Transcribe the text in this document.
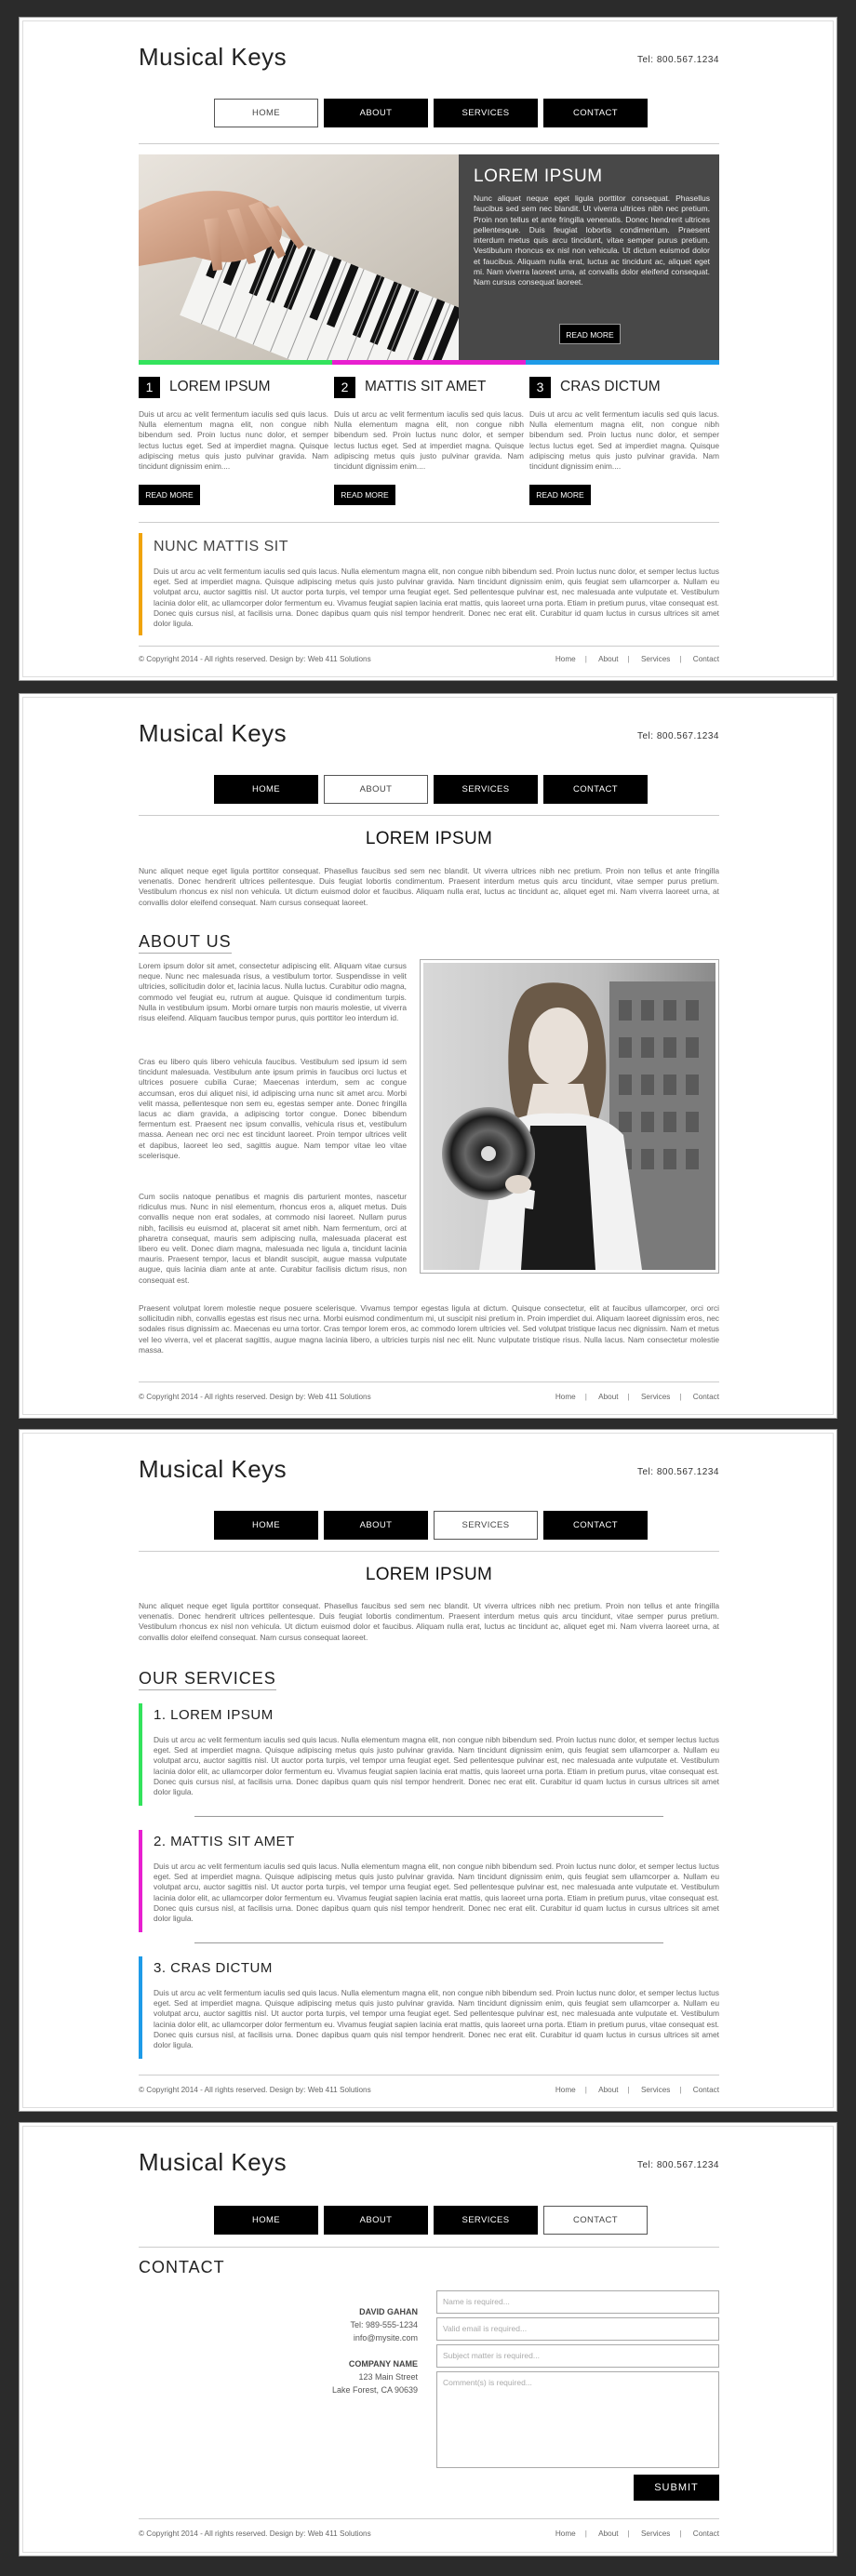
Musical Keys	Tel: 800.567.1234
HOME	ABOUT	SERVICES	CONTACT
LOREM IPSUM
Nunc aliquet neque eget ligula porttitor consequat. Phasellus faucibus sed sem nec blandit. Ut viverra ultrices nibh nec pretium. Proin non tellus et ante fringilla venenatis. Donec hendrerit ultrices pellentesque. Duis feugiat lobortis condimentum. Praesent interdum metus quis arcu tincidunt, vitae semper purus pretium. Vestibulum rhoncus ex nisl non vehicula. Ut dictum euismod dolor et faucibus. Aliquam nulla erat, luctus ac tincidunt ac, aliquet eget mi. Nam viverra laoreet urna, at convallis dolor eleifend consequat. Nam cursus consequat laoreet.
READ MORE
1	LOREM IPSUM
Duis ut arcu ac velit fermentum iaculis sed quis lacus. Nulla elementum magna elit, non congue nibh bibendum sed. Proin luctus nunc dolor, et semper lectus luctus eget. Sed at imperdiet magna. Quisque adipiscing metus quis justo pulvinar gravida. Nam tincidunt dignissim enim....
READ MORE
2	MATTIS SIT AMET
Duis ut arcu ac velit fermentum iaculis sed quis lacus. Nulla elementum magna elit, non congue nibh bibendum sed. Proin luctus nunc dolor, et semper lectus luctus eget. Sed at imperdiet magna. Quisque adipiscing metus quis justo pulvinar gravida. Nam tincidunt dignissim enim....
READ MORE
3	CRAS DICTUM
Duis ut arcu ac velit fermentum iaculis sed quis lacus. Nulla elementum magna elit, non congue nibh bibendum sed. Proin luctus nunc dolor, et semper lectus luctus eget. Sed at imperdiet magna. Quisque adipiscing metus quis justo pulvinar gravida. Nam tincidunt dignissim enim....
READ MORE
NUNC MATTIS SIT
Duis ut arcu ac velit fermentum iaculis sed quis lacus. Nulla elementum magna elit, non congue nibh bibendum sed. Proin luctus nunc dolor, et semper lectus luctus eget. Sed at imperdiet magna. Quisque adipiscing metus quis justo pulvinar gravida. Nam tincidunt dignissim enim, quis feugiat sem ullamcorper a. Nullam eu volutpat arcu, auctor sagittis nisl. Ut auctor porta turpis, vel tempor urna feugiat eget. Sed pellentesque pulvinar est, nec malesuada ante vulputate et. Vestibulum lacinia dolor elit, ac ullamcorper dolor fermentum eu. Vivamus feugiat sapien lacinia erat mattis, quis laoreet urna porta. Etiam in pretium purus, vitae consequat est. Donec quis cursus nisl, at facilisis urna. Donec dapibus quam quis nisl tempor hendrerit. Donec nec erat elit. Curabitur id quam luctus in cursus ultrices sit amet dolor ligula.
© Copyright 2014 - All rights reserved. Design by: Web 411 Solutions	Home | About | Services | Contact
Musical Keys	Tel: 800.567.1234
HOME	ABOUT	SERVICES	CONTACT
LOREM IPSUM
Nunc aliquet neque eget ligula porttitor consequat. Phasellus faucibus sed sem nec blandit. Ut viverra ultrices nibh nec pretium. Proin non tellus et ante fringilla venenatis. Donec hendrerit ultrices pellentesque. Duis feugiat lobortis condimentum. Praesent interdum metus quis arcu tincidunt, vitae semper purus pretium. Vestibulum rhoncus ex nisl non vehicula. Ut dictum euismod dolor et faucibus. Aliquam nulla erat, luctus ac tincidunt ac, aliquet eget mi. Nam viverra laoreet urna, at convallis dolor eleifend consequat. Nam cursus consequat laoreet.
ABOUT US
Lorem ipsum dolor sit amet, consectetur adipiscing elit. Aliquam vitae cursus neque. Nunc nec malesuada risus, a vestibulum tortor. Suspendisse in velit ultricies, sollicitudin dolor et, lacinia lacus. Nulla luctus. Curabitur odio magna, commodo vel feugiat eu, rutrum at augue. Quisque id condimentum turpis. Nulla in vestibulum ipsum. Morbi ornare turpis non mauris molestie, ut viverra risus eleifend. Aliquam faucibus tempor purus, quis porttitor leo interdum id.
Cras eu libero quis libero vehicula faucibus. Vestibulum sed ipsum id sem tincidunt malesuada. Vestibulum ante ipsum primis in faucibus orci luctus et ultrices posuere cubilia Curae; Maecenas interdum, sem ac congue accumsan, eros dui aliquet nisi, id adipiscing urna nunc sit amet arcu. Morbi velit massa, pellentesque non sem eu, egestas semper ante. Donec fringilla lacus ac diam gravida, a adipiscing tortor congue. Donec bibendum fermentum est. Praesent nec ipsum convallis, vehicula risus et, vestibulum massa. Aenean nec orci nec est tincidunt laoreet. Proin tempor ultrices velit et dapibus, laoreet leo sed, sagittis augue. Nam tempor vitae leo vitae scelerisque.
Cum sociis natoque penatibus et magnis dis parturient montes, nascetur ridiculus mus. Nunc in nisl elementum, rhoncus eros a, aliquet metus. Duis convallis neque non erat sodales, at commodo nisi laoreet. Nullam purus nibh, facilisis eu euismod at, placerat sit amet nibh. Nam fermentum, orci at pharetra consequat, mauris sem adipiscing nulla, malesuada placerat est libero eu velit. Donec diam magna, malesuada nec ligula a, tincidunt lacinia mauris. Praesent tempor, lacus et blandit suscipit, augue massa vulputate augue, quis lacinia diam ante at ante. Curabitur facilisis dictum risus, non consequat est.
Praesent volutpat lorem molestie neque posuere scelerisque. Vivamus tempor egestas ligula at dictum. Quisque consectetur, elit at faucibus ullamcorper, orci orci sollicitudin nibh, convallis egestas est risus nec urna. Morbi euismod condimentum mi, ut suscipit nisi pretium in. Proin imperdiet dui. Aliquam laoreet dignissim eros, nec sodales risus dignissim ac. Maecenas eu urna tortor. Cras tempor lorem eros, ac commodo lorem ultricies vel. Sed volutpat tristique lacus nec dignissim. Nam et metus vel leo viverra, vel et placerat sagittis, augue magna lacinia libero, a ultricies turpis nisl nec elit. Nunc vulputate tristique risus. Nulla lacus. Nam consectetur molestie massa.
© Copyright 2014 - All rights reserved. Design by: Web 411 Solutions	Home | About | Services | Contact
Musical Keys	Tel: 800.567.1234
HOME	ABOUT	SERVICES	CONTACT
LOREM IPSUM
Nunc aliquet neque eget ligula porttitor consequat. Phasellus faucibus sed sem nec blandit. Ut viverra ultrices nibh nec pretium. Proin non tellus et ante fringilla venenatis. Donec hendrerit ultrices pellentesque. Duis feugiat lobortis condimentum. Praesent interdum metus quis arcu tincidunt, vitae semper purus pretium. Vestibulum rhoncus ex nisl non vehicula. Ut dictum euismod dolor et faucibus. Aliquam nulla erat, luctus ac tincidunt ac, aliquet eget mi. Nam viverra laoreet urna, at convallis dolor eleifend consequat. Nam cursus consequat laoreet.
OUR SERVICES
1. LOREM IPSUM
Duis ut arcu ac velit fermentum iaculis sed quis lacus. Nulla elementum magna elit, non congue nibh bibendum sed. Proin luctus nunc dolor, et semper lectus luctus eget. Sed at imperdiet magna. Quisque adipiscing metus quis justo pulvinar gravida. Nam tincidunt dignissim enim, quis feugiat sem ullamcorper a. Nullam eu volutpat arcu, auctor sagittis nisl. Ut auctor porta turpis, vel tempor urna feugiat eget. Sed pellentesque pulvinar est, nec malesuada ante vulputate et. Vestibulum lacinia dolor elit, ac ullamcorper dolor fermentum eu. Vivamus feugiat sapien lacinia erat mattis, quis laoreet urna porta. Etiam in pretium purus, vitae consequat est. Donec quis cursus nisl, at facilisis urna. Donec dapibus quam quis nisl tempor hendrerit. Donec nec erat elit. Curabitur id quam luctus in cursus ultrices sit amet dolor ligula.
2. MATTIS SIT AMET
Duis ut arcu ac velit fermentum iaculis sed quis lacus. Nulla elementum magna elit, non congue nibh bibendum sed. Proin luctus nunc dolor, et semper lectus luctus eget. Sed at imperdiet magna. Quisque adipiscing metus quis justo pulvinar gravida. Nam tincidunt dignissim enim, quis feugiat sem ullamcorper a. Nullam eu volutpat arcu, auctor sagittis nisl. Ut auctor porta turpis, vel tempor urna feugiat eget. Sed pellentesque pulvinar est, nec malesuada ante vulputate et. Vestibulum lacinia dolor elit, ac ullamcorper dolor fermentum eu. Vivamus feugiat sapien lacinia erat mattis, quis laoreet urna porta. Etiam in pretium purus, vitae consequat est. Donec quis cursus nisl, at facilisis urna. Donec dapibus quam quis nisl tempor hendrerit. Donec nec erat elit. Curabitur id quam luctus in cursus ultrices sit amet dolor ligula.
3. CRAS DICTUM
Duis ut arcu ac velit fermentum iaculis sed quis lacus. Nulla elementum magna elit, non congue nibh bibendum sed. Proin luctus nunc dolor, et semper lectus luctus eget. Sed at imperdiet magna. Quisque adipiscing metus quis justo pulvinar gravida. Nam tincidunt dignissim enim, quis feugiat sem ullamcorper a. Nullam eu volutpat arcu, auctor sagittis nisl. Ut auctor porta turpis, vel tempor urna feugiat eget. Sed pellentesque pulvinar est, nec malesuada ante vulputate et. Vestibulum lacinia dolor elit, ac ullamcorper dolor fermentum eu. Vivamus feugiat sapien lacinia erat mattis, quis laoreet urna porta. Etiam in pretium purus, vitae consequat est. Donec quis cursus nisl, at facilisis urna. Donec dapibus quam quis nisl tempor hendrerit. Donec nec erat elit. Curabitur id quam luctus in cursus ultrices sit amet dolor ligula.
© Copyright 2014 - All rights reserved. Design by: Web 411 Solutions	Home | About | Services | Contact
Musical Keys	Tel: 800.567.1234
HOME	ABOUT	SERVICES	CONTACT
CONTACT
DAVID GAHAN
Tel: 989-555-1234
info@mysite.com
COMPANY NAME
123 Main Street
Lake Forest, CA 90639
Name is required...
Valid email is required...
Subject matter is required...
Comment(s) is required...
SUBMIT
© Copyright 2014 - All rights reserved. Design by: Web 411 Solutions	Home | About | Services | Contact
